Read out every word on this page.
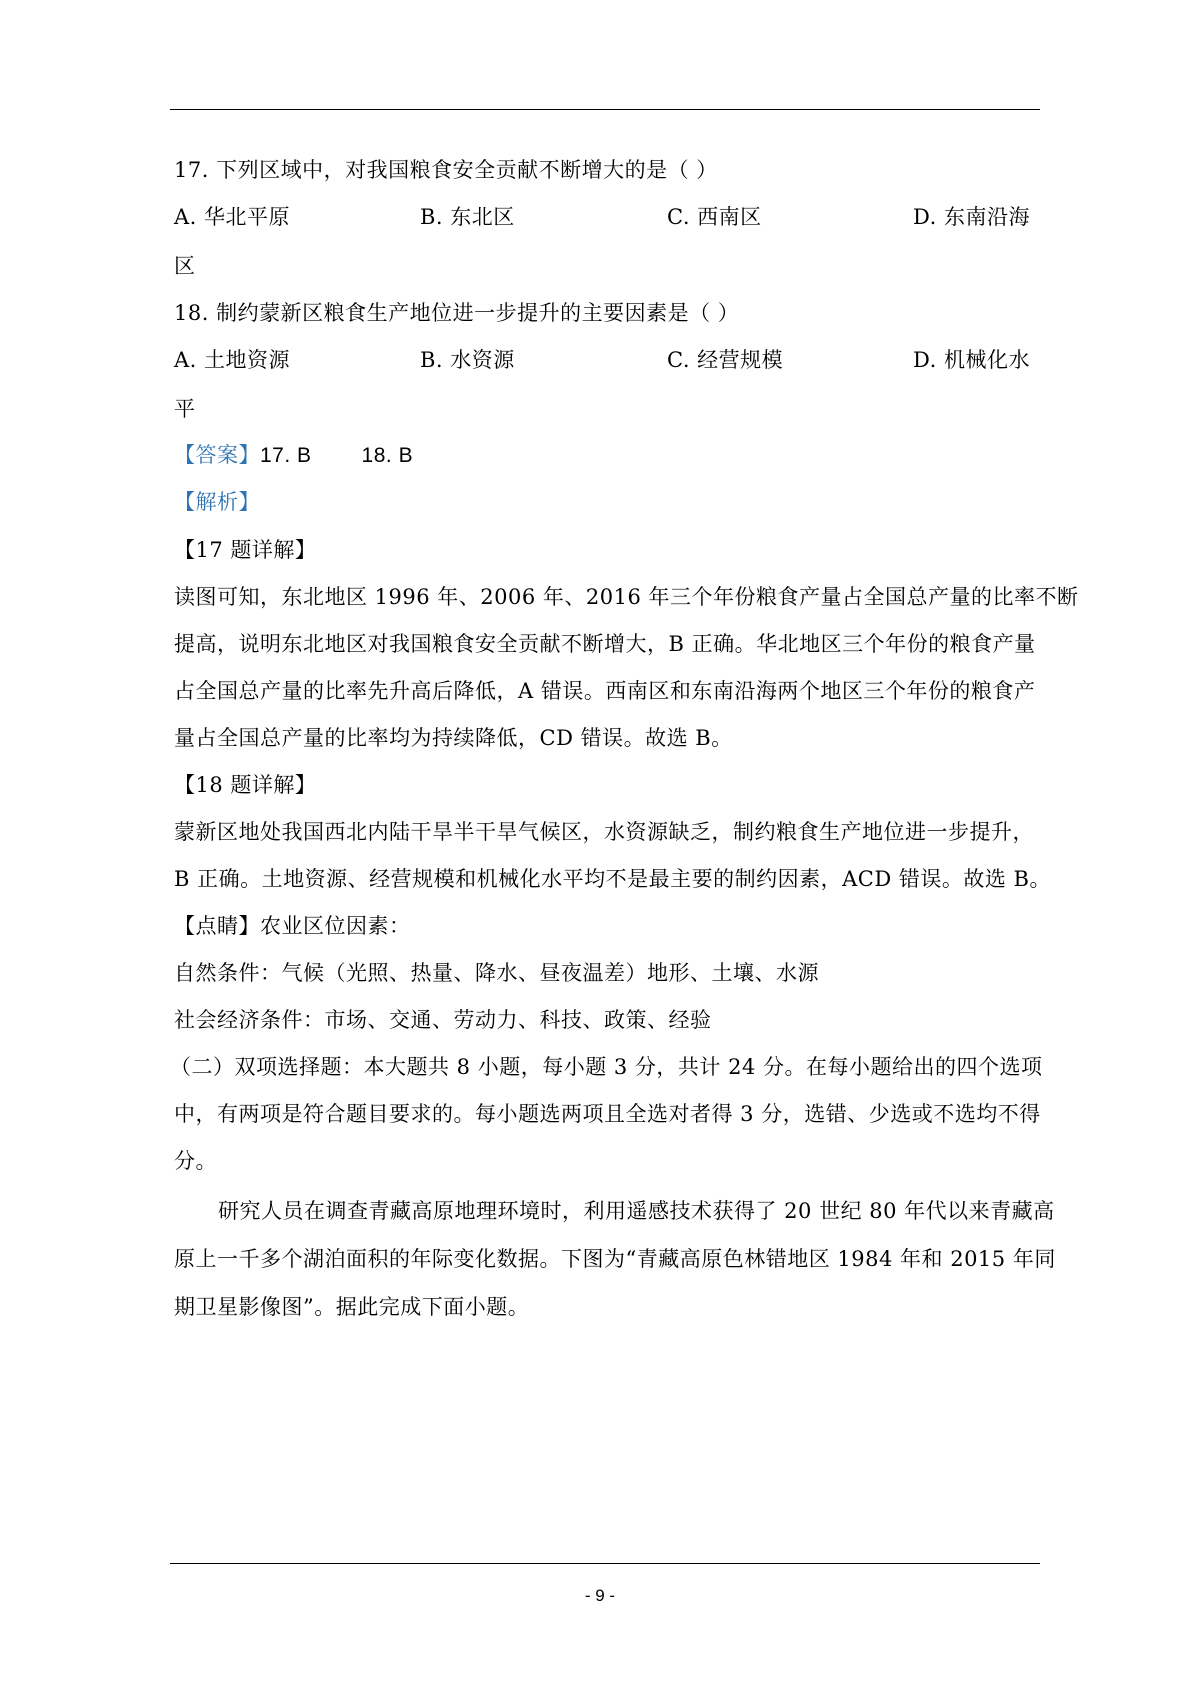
17. 下列区域中，对我国粮食安全贡献不断增大的是（ ）
A. 华北平原	B. 东北区	C. 西南区	D. 东南沿海
区
18. 制约蒙新区粮食生产地位进一步提升的主要因素是（ ）
A. 土地资源	B. 水资源	C. 经营规模	D. 机械化水
平
【答案】17. B 18. B
【解析】
【17 题详解】
读图可知，东北地区 1996 年、2006 年、2016 年三个年份粮食产量占全国总产量的比率不断
提高，说明东北地区对我国粮食安全贡献不断增大，B 正确。华北地区三个年份的粮食产量
占全国总产量的比率先升高后降低，A 错误。西南区和东南沿海两个地区三个年份的粮食产
量占全国总产量的比率均为持续降低，CD 错误。故选 B。
【18 题详解】
蒙新区地处我国西北内陆干旱半干旱气候区，水资源缺乏，制约粮食生产地位进一步提升，
B 正确。土地资源、经营规模和机械化水平均不是最主要的制约因素，ACD 错误。故选 B。
【点睛】农业区位因素：
自然条件：气候（光照、热量、降水、昼夜温差）地形、土壤、水源
社会经济条件：市场、交通、劳动力、科技、政策、经验
（二）双项选择题：本大题共 8 小题，每小题 3 分，共计 24 分。在每小题给出的四个选项
中，有两项是符合题目要求的。每小题选两项且全选对者得 3 分，选错、少选或不选均不得
分。
研究人员在调查青藏高原地理环境时，利用遥感技术获得了 20 世纪 80 年代以来青藏高
原上一千多个湖泊面积的年际变化数据。下图为“青藏高原色林错地区 1984 年和 2015 年同
期卫星影像图”。据此完成下面小题。
- 9 -
